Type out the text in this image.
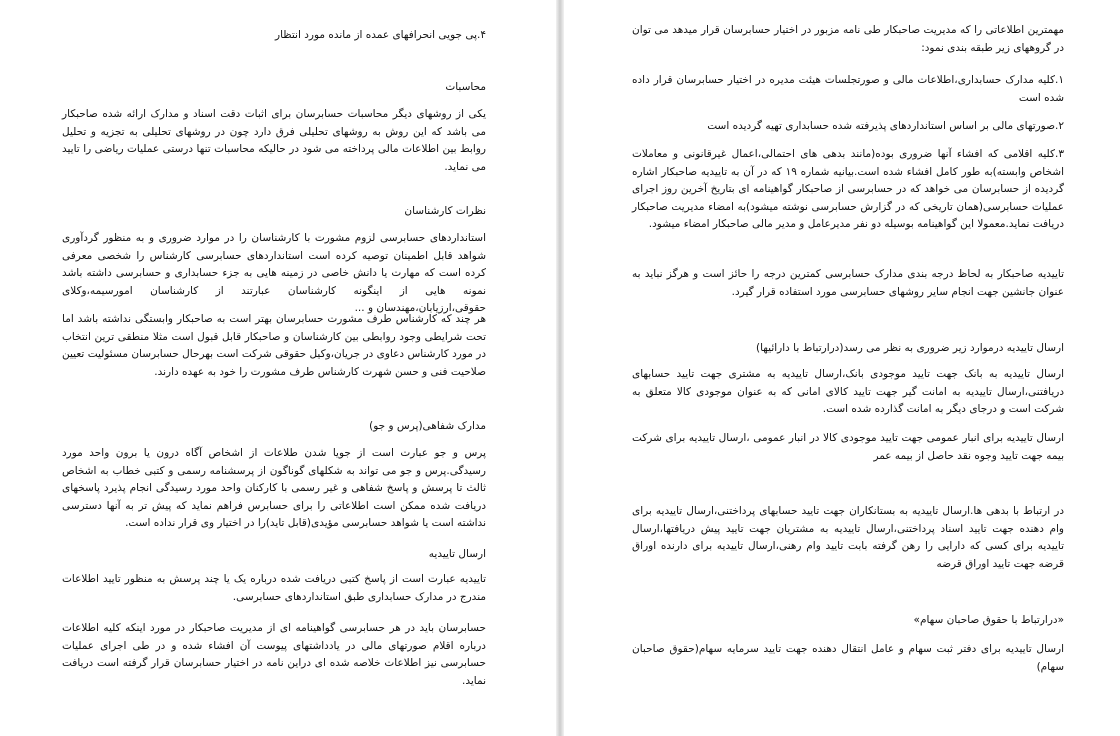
۴.پی جویی انحرافهای عمده از مانده مورد انتظار

محاسبات

یکی از روشهای دیگر محاسبات حسابرسان برای اثبات دقت اسناد و مدارک ارائه شده صاحبکار می باشد که این روش به روشهای تحلیلی فرق دارد چون در روشهای تحلیلی به تجزیه و تحلیل روابط بین اطلاعات مالی پرداخته می شود در حالیکه محاسبات تنها درستی عملیات ریاضی را تایید می نماید.

نظرات کارشناسان

استانداردهای حسابرسی لزوم مشورت با کارشناسان را در موارد ضروری و به منظور گردآوری شواهد قابل اطمینان توصیه کرده است استانداردهای حسابرسی کارشناس را شخصی معرفی کرده است که مهارت یا دانش خاصی در زمینه هایی به جزء حسابداری و حسابرسی داشته باشد نمونه هایی از اینگونه کارشناسان عبارتند از کارشناسان امورسیمه،وکلای حقوقی،ارزیابان،مهندسان و ...

هر چند که کارشناس طرف مشورت حسابرسان بهتر است به صاحبکار وابستگی نداشته باشد اما تحت شرایطی وجود روابطی بین کارشناسان و صاحبکار قابل قبول است مثلا منطقی ترین انتخاب در مورد کارشناس دعاوی در جریان،وکیل حقوقی شرکت است بهرحال حسابرسان مسئولیت تعیین صلاحیت فنی و حسن شهرت کارشناس طرف مشورت را خود به عهده دارند.

مدارک شفاهی(پرس و جو)

پرس و جو عبارت است از جویا شدن طلاعات از اشخاص آگاه درون یا برون واحد مورد رسیدگی.پرس و جو می تواند به شکلهای گوناگون از پرسشنامه رسمی و کتبی خطاب به اشخاص ثالث تا پرسش و پاسخ شفاهی و غیر رسمی با کارکنان واحد مورد رسیدگی انجام پذیرد پاسخهای دریافت شده ممکن است اطلاعاتی را برای حسابرس فراهم نماید که پیش تر به آنها دسترسی نداشته است یا شواهد حسابرسی مؤیدی(قابل تاید)را در اختیار وی قرار نداده است.

ارسال تاییدیه

تاییدیه عبارت است از پاسخ کتبی دریافت شده درباره یک یا چند پرسش به منظور تایید اطلاعات مندرج در مدارک حسابداری طبق استانداردهای حسابرسی.

حسابرسان باید در هر حسابرسی گواهینامه ای از مدیریت صاحبکار در مورد اینکه کلیه اطلاعات درباره اقلام صورتهای مالی در یادداشتهای پیوست آن افشاء شده و در طی اجرای عملیات حسابرسی نیز اطلاعات خلاصه شده ای دراین نامه در اختیار حسابرسان قرار گرفته است دریافت نماید.

مهمترین اطلاعاتی را که مدیریت صاحبکار طی نامه مزبور در اختیار حسابرسان قرار میدهد می توان در گروههای زیر طبقه بندی نمود:

۱.کلیه مدارک حسابداری،اطلاعات مالی و صورتجلسات هیئت مدیره در اختیار حسابرسان قرار داده شده است

۲.صورتهای مالی بر اساس استانداردهای پذیرفته شده حسابداری تهیه گردیده است

۳.کلیه اقلامی که افشاء آنها ضروری بوده(مانند بدهی های احتمالی،اعمال غیرقانونی و معاملات اشخاص وابسته)به طور کامل افشاء شده است.بیانیه شماره ۱۹ که در آن به تاییدیه صاحبکار اشاره گردیده از حسابرسان می خواهد که در حسابرسی از صاحبکار گواهینامه ای بتاریخ آخرین روز اجرای عملیات حسابرسی(همان تاریخی که در گزارش حسابرسی نوشته میشود)به امضاء مدیریت صاحبکار دریافت نماید.معمولا این گواهینامه بوسیله دو نفر مدیرعامل و مدیر مالی صاحبکار امضاء میشود.

تاییدیه صاحبکار به لحاظ درجه بندی مدارک حسابرسی کمترین درجه را حائز است و هرگز نباید به عنوان جانشین جهت انجام سایر روشهای حسابرسی مورد استفاده قرار گیرد.

ارسال تاییدیه درموارد زیر ضروری به نظر می رسد(درارتباط با دارائیها)

ارسال تاییدیه به بانک جهت تایید موجودی بانک،ارسال تاییدیه به مشتری جهت تایید حسابهای دریافتنی،ارسال تاییدیه به امانت گیر جهت تایید کالای امانی که به عنوان موجودی کالا متعلق به شرکت است و درجای دیگر به امانت گذارده شده است.

ارسال تاییدیه برای انبار عمومی جهت تایید موجودی کالا در انبار عمومی ،ارسال تاییدیه برای شرکت بیمه جهت تایید وجوه نقد حاصل از بیمه عمر

در ارتباط با بدهی ها.ارسال تاییدیه به بستانکاران جهت تایید حسابهای پرداختنی،ارسال تاییدیه برای وام دهنده جهت تایید اسناد پرداختنی،ارسال تاییدیه به مشتریان جهت تایید پیش دریافتها،ارسال تاییدیه برای کسی که دارایی را رهن گرفته بابت تایید وام رهنی،ارسال تاییدیه برای دارنده اوراق قرضه جهت تایید اوراق قرضه

«درارتباط با حقوق صاحبان سهام»

ارسال تاییدیه برای دفتر ثبت سهام و عامل انتقال دهنده جهت تایید سرمایه سهام(حقوق صاحبان سهام)
